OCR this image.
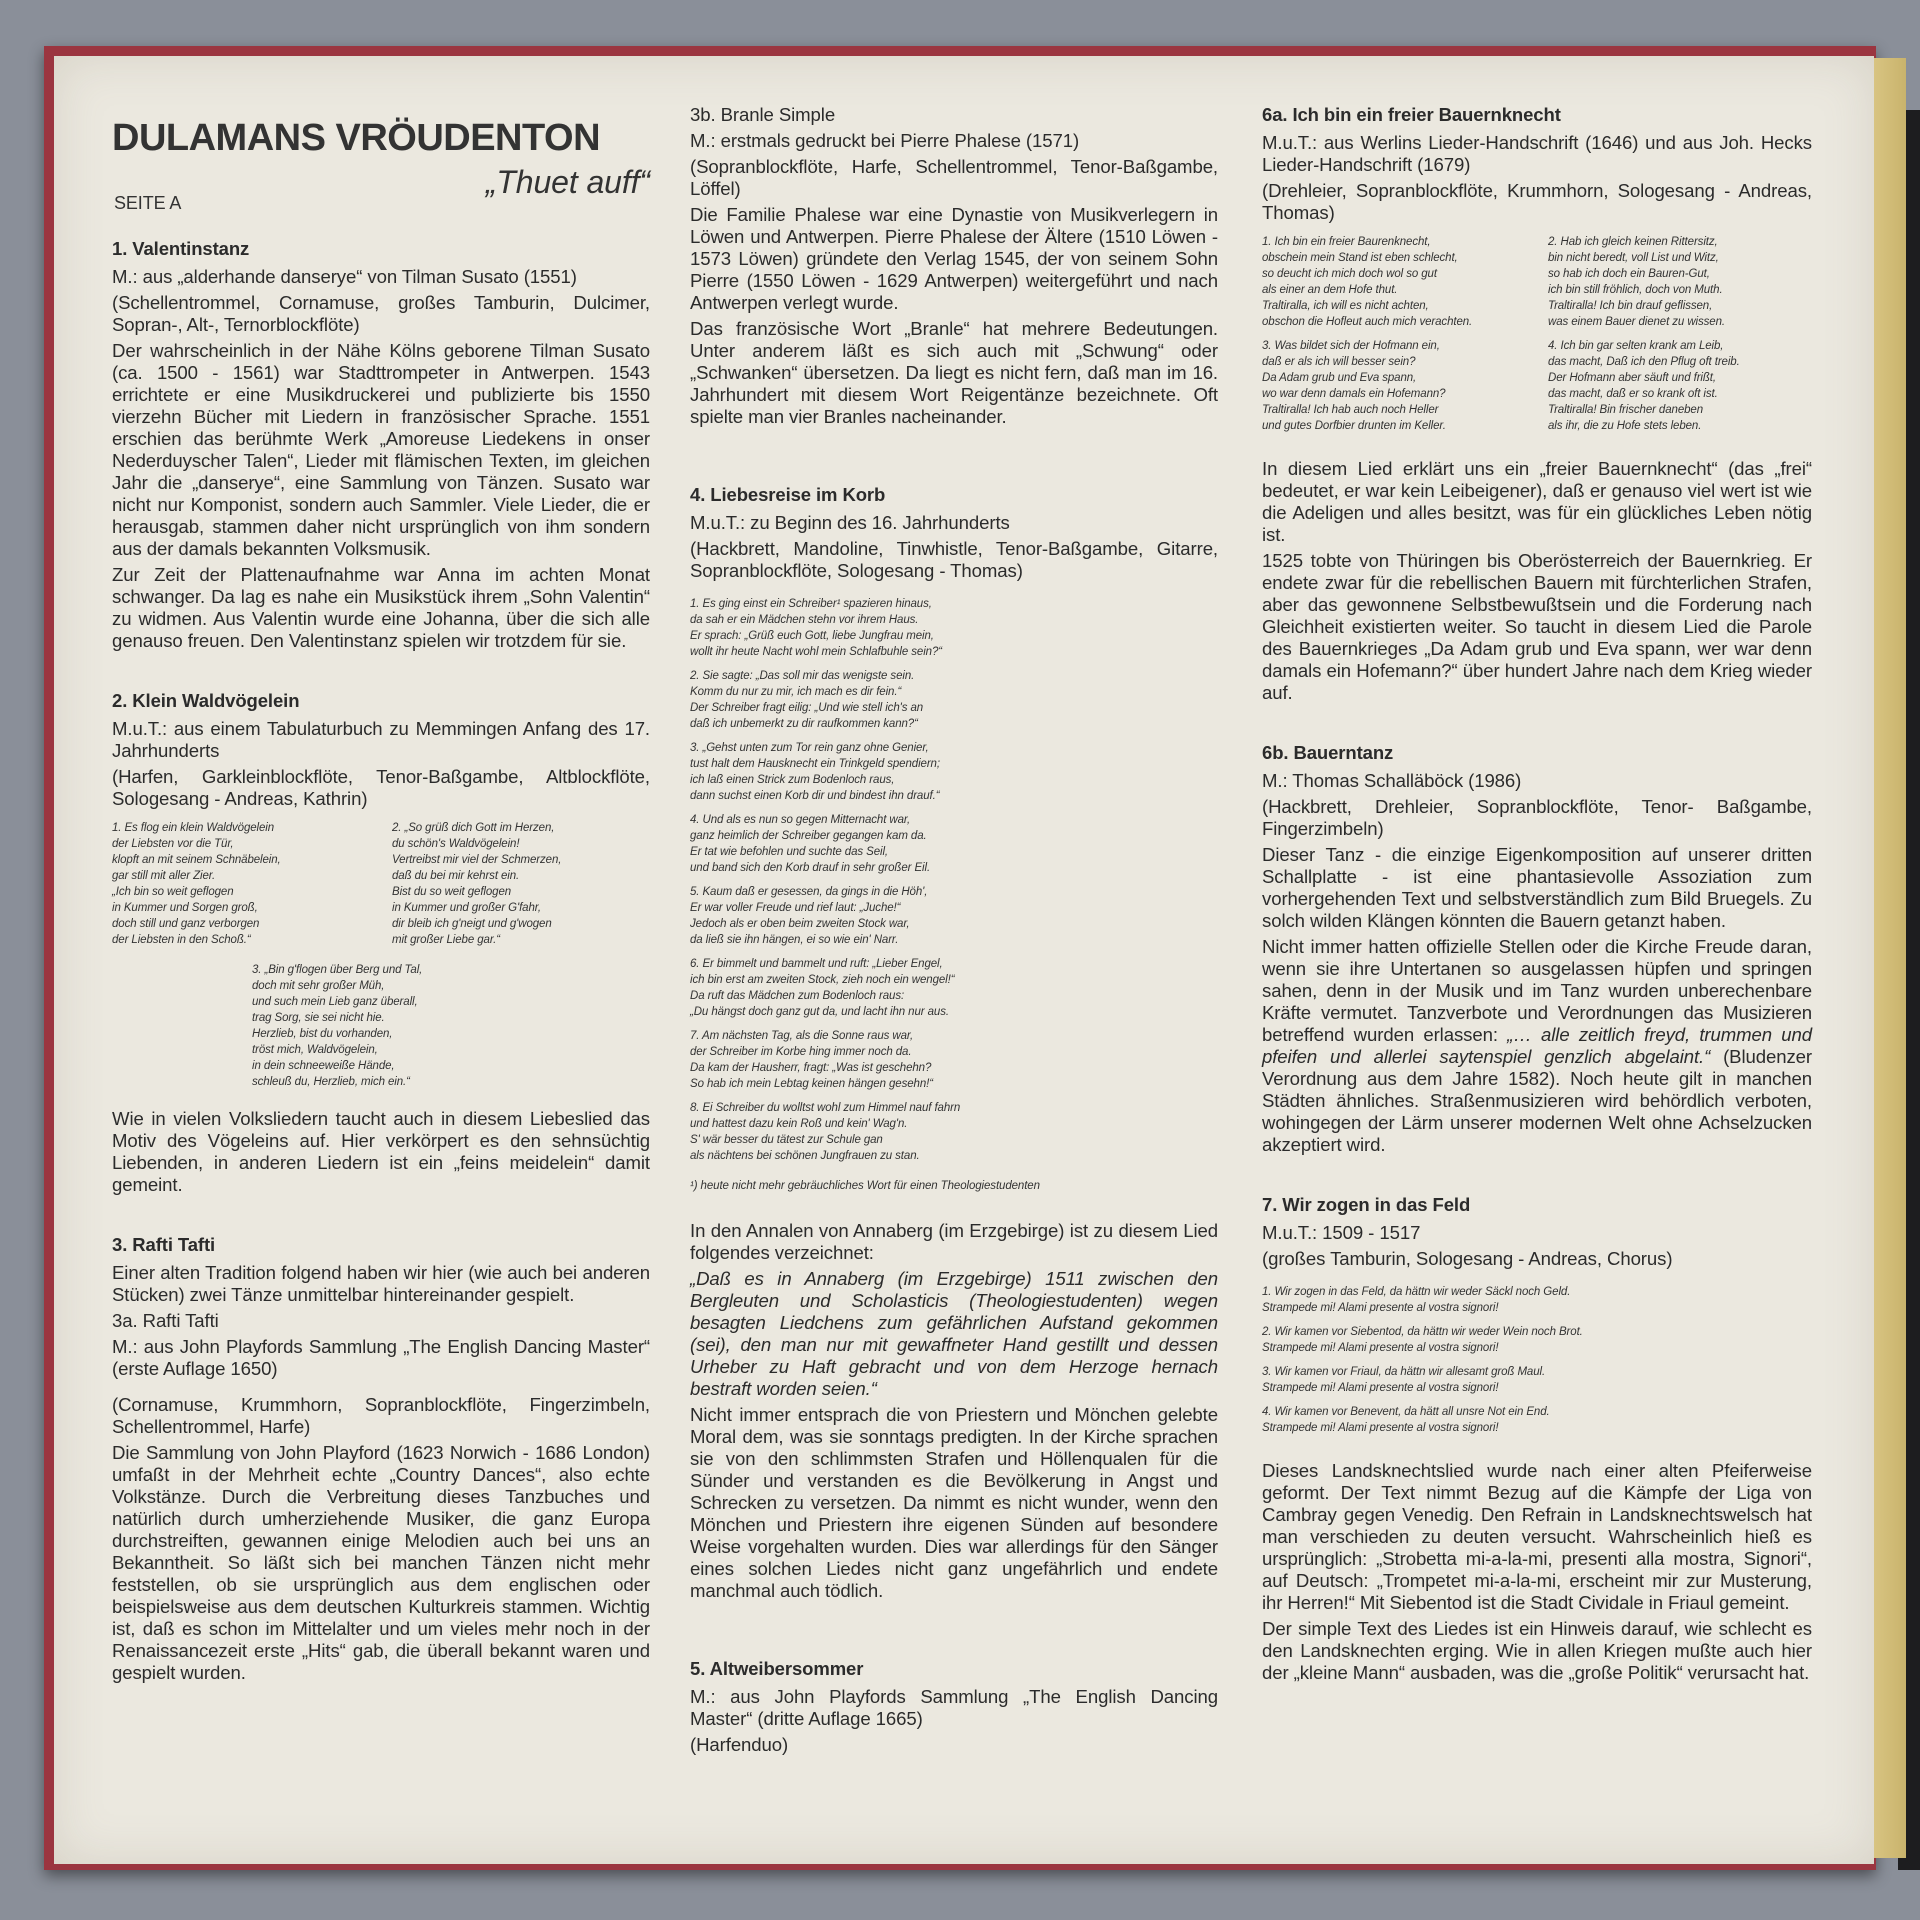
DULAMANS VRÖUDENTON
„Thuet auff“
SEITE A
1. Valentinstanz

M.: aus „alderhande danserye“ von Tilman Susato (1551)

(Schellentrommel, Cornamuse, großes Tamburin, Dulcimer, Sopran-, Alt-, Ternorblockflöte)

Der wahrscheinlich in der Nähe Kölns geborene Tilman Susato (ca. 1500 - 1561) war Stadttrompeter in Antwerpen. 1543 errichtete er eine Musikdruckerei und publizierte bis 1550 vierzehn Bücher mit Liedern in französischer Sprache. 1551 erschien das berühmte Werk „Amoreuse Liedekens in onser Nederduyscher Talen“, Lieder mit flämischen Texten, im gleichen Jahr die „danserye“, eine Sammlung von Tänzen. Susato war nicht nur Komponist, sondern auch Sammler. Viele Lieder, die er herausgab, stammen daher nicht ursprünglich von ihm sondern aus der damals bekannten Volksmusik.

Zur Zeit der Plattenaufnahme war Anna im achten Monat schwanger. Da lag es nahe ein Musikstück ihrem „Sohn Valentin“ zu widmen. Aus Valentin wurde eine Johanna, über die sich alle genauso freuen. Den Valentinstanz spielen wir trotzdem für sie.

2. Klein Waldvögelein

M.u.T.: aus einem Tabulaturbuch zu Memmingen Anfang des 17. Jahrhunderts

(Harfen, Garkleinblockflöte, Tenor-Baßgambe, Altblockflöte, Sologesang - Andreas, Kathrin)

1. Es flog ein klein Waldvögelein
der Liebsten vor die Tür,
klopft an mit seinem Schnäbelein,
gar still mit aller Zier.
„Ich bin so weit geflogen
in Kummer und Sorgen groß,
doch still und ganz verborgen
der Liebsten in den Schoß.“
2. „So grüß dich Gott im Herzen,
du schön's Waldvögelein!
Vertreibst mir viel der Schmerzen,
daß du bei mir kehrst ein.
Bist du so weit geflogen
in Kummer und großer G'fahr,
dir bleib ich g'neigt und g'wogen
mit großer Liebe gar.“
3. „Bin g'flogen über Berg und Tal,
doch mit sehr großer Müh,
und such mein Lieb ganz überall,
trag Sorg, sie sei nicht hie.
Herzlieb, bist du vorhanden,
tröst mich, Waldvögelein,
in dein schneeweiße Hände,
schleuß du, Herzlieb, mich ein.“

Wie in vielen Volksliedern taucht auch in diesem Liebeslied das Motiv des Vögeleins auf. Hier verkörpert es den sehnsüchtig Liebenden, in anderen Liedern ist ein „feins meidelein“ damit gemeint.

3. Rafti Tafti

Einer alten Tradition folgend haben wir hier (wie auch bei anderen Stücken) zwei Tänze unmittelbar hintereinander gespielt.

3a. Rafti Tafti

M.: aus John Playfords Sammlung „The English Dancing Master“ (erste Auflage 1650)

(Cornamuse, Krummhorn, Sopranblockflöte, Fingerzimbeln, Schellentrommel, Harfe)

Die Sammlung von John Playford (1623 Norwich - 1686 London) umfaßt in der Mehrheit echte „Country Dances“, also echte Volkstänze. Durch die Verbreitung dieses Tanzbuches und natürlich durch umherziehende Musiker, die ganz Europa durchstreiften, gewannen einige Melodien auch bei uns an Bekanntheit. So läßt sich bei manchen Tänzen nicht mehr feststellen, ob sie ursprünglich aus dem englischen oder beispielsweise aus dem deutschen Kulturkreis stammen. Wichtig ist, daß es schon im Mittelalter und um vieles mehr noch in der Renaissancezeit erste „Hits“ gab, die überall bekannt waren und gespielt wurden.

3b. Branle Simple

M.: erstmals gedruckt bei Pierre Phalese (1571)

(Sopranblockflöte, Harfe, Schellentrommel, Tenor-Baßgambe, Löffel)

Die Familie Phalese war eine Dynastie von Musikverlegern in Löwen und Antwerpen. Pierre Phalese der Ältere (1510 Löwen - 1573 Löwen) gründete den Verlag 1545, der von seinem Sohn Pierre (1550 Löwen - 1629 Antwerpen) weitergeführt und nach Antwerpen verlegt wurde.

Das französische Wort „Branle“ hat mehrere Bedeutungen. Unter anderem läßt es sich auch mit „Schwung“ oder „Schwanken“ übersetzen. Da liegt es nicht fern, daß man im 16. Jahrhundert mit diesem Wort Reigentänze bezeichnete. Oft spielte man vier Branles nacheinander.

4. Liebesreise im Korb

M.u.T.: zu Beginn des 16. Jahrhunderts

(Hackbrett, Mandoline, Tinwhistle, Tenor-Baßgambe, Gitarre, Sopranblockflöte, Sologesang - Thomas)

1. Es ging einst ein Schreiber¹ spazieren hinaus,
da sah er ein Mädchen stehn vor ihrem Haus.
Er sprach: „Grüß euch Gott, liebe Jungfrau mein,
wollt ihr heute Nacht wohl mein Schlafbuhle sein?“
2. Sie sagte: „Das soll mir das wenigste sein.
Komm du nur zu mir, ich mach es dir fein.“
Der Schreiber fragt eilig: „Und wie stell ich's an
daß ich unbemerkt zu dir raufkommen kann?“
3. „Gehst unten zum Tor rein ganz ohne Genier,
tust halt dem Hausknecht ein Trinkgeld spendiern;
ich laß einen Strick zum Bodenloch raus,
dann suchst einen Korb dir und bindest ihn drauf.“
4. Und als es nun so gegen Mitternacht war,
ganz heimlich der Schreiber gegangen kam da.
Er tat wie befohlen und suchte das Seil,
und band sich den Korb drauf in sehr großer Eil.
5. Kaum daß er gesessen, da gings in die Höh',
Er war voller Freude und rief laut: „Juche!“
Jedoch als er oben beim zweiten Stock war,
da ließ sie ihn hängen, ei so wie ein' Narr.
6. Er bimmelt und bammelt und ruft: „Lieber Engel,
ich bin erst am zweiten Stock, zieh noch ein wengel!“
Da ruft das Mädchen zum Bodenloch raus:
„Du hängst doch ganz gut da, und lacht ihn nur aus.
7. Am nächsten Tag, als die Sonne raus war,
der Schreiber im Korbe hing immer noch da.
Da kam der Hausherr, fragt: „Was ist geschehn?
So hab ich mein Lebtag keinen hängen gesehn!“
8. Ei Schreiber du wolltst wohl zum Himmel nauf fahrn
und hattest dazu kein Roß und kein' Wag'n.
S' wär besser du tätest zur Schule gan
als nächtens bei schönen Jungfrauen zu stan.
¹) heute nicht mehr gebräuchliches Wort für einen Theologiestudenten

In den Annalen von Annaberg (im Erzgebirge) ist zu diesem Lied folgendes verzeichnet:

„Daß es in Annaberg (im Erzgebirge) 1511 zwischen den Bergleuten und Scholasticis (Theologiestudenten) wegen besagten Liedchens zum gefährlichen Aufstand gekommen (sei), den man nur mit gewaffneter Hand gestillt und dessen Urheber zu Haft gebracht und von dem Herzoge hernach bestraft worden seien.“

Nicht immer entsprach die von Priestern und Mönchen gelebte Moral dem, was sie sonntags predigten. In der Kirche sprachen sie von den schlimmsten Strafen und Höllenqualen für die Sünder und verstanden es die Bevölkerung in Angst und Schrecken zu versetzen. Da nimmt es nicht wunder, wenn den Mönchen und Priestern ihre eigenen Sünden auf besondere Weise vorgehalten wurden. Dies war allerdings für den Sänger eines solchen Liedes nicht ganz ungefährlich und endete manchmal auch tödlich.

5. Altweibersommer

M.: aus John Playfords Sammlung „The English Dancing Master“ (dritte Auflage 1665)

(Harfenduo)

6a. Ich bin ein freier Bauernknecht

M.u.T.: aus Werlins Lieder-Handschrift (1646) und aus Joh. Hecks Lieder-Handschrift (1679)

(Drehleier, Sopranblockflöte, Krummhorn, Sologesang - Andreas, Thomas)

1. Ich bin ein freier Baurenknecht,
obschein mein Stand ist eben schlecht,
so deucht ich mich doch wol so gut
als einer an dem Hofe thut.
Traltiralla, ich will es nicht achten,
obschon die Hofleut auch mich verachten.
3. Was bildet sich der Hofmann ein,
daß er als ich will besser sein?
Da Adam grub und Eva spann,
wo war denn damals ein Hofemann?
Traltiralla! Ich hab auch noch Heller
und gutes Dorfbier drunten im Keller.
2. Hab ich gleich keinen Rittersitz,
bin nicht beredt, voll List und Witz,
so hab ich doch ein Bauren-Gut,
ich bin still fröhlich, doch von Muth.
Traltiralla! Ich bin drauf geflissen,
was einem Bauer dienet zu wissen.
4. Ich bin gar selten krank am Leib,
das macht, Daß ich den Pflug oft treib.
Der Hofmann aber säuft und frißt,
das macht, daß er so krank oft ist.
Traltiralla! Bin frischer daneben
als ihr, die zu Hofe stets leben.

In diesem Lied erklärt uns ein „freier Bauernknecht“ (das „frei“ bedeutet, er war kein Leibeigener), daß er genauso viel wert ist wie die Adeligen und alles besitzt, was für ein glückliches Leben nötig ist.

1525 tobte von Thüringen bis Oberösterreich der Bauernkrieg. Er endete zwar für die rebellischen Bauern mit fürchterlichen Strafen, aber das gewonnene Selbstbewußtsein und die Forderung nach Gleichheit existierten weiter. So taucht in diesem Lied die Parole des Bauernkrieges „Da Adam grub und Eva spann, wer war denn damals ein Hofemann?“ über hundert Jahre nach dem Krieg wieder auf.

6b. Bauerntanz

M.: Thomas Schalläböck (1986)

(Hackbrett, Drehleier, Sopranblockflöte, Tenor- Baßgambe, Fingerzimbeln)

Dieser Tanz - die einzige Eigenkomposition auf unserer dritten Schallplatte - ist eine phantasievolle Assoziation zum vorhergehenden Text und selbstverständlich zum Bild Bruegels. Zu solch wilden Klängen könnten die Bauern getanzt haben.

Nicht immer hatten offizielle Stellen oder die Kirche Freude daran, wenn sie ihre Untertanen so ausgelassen hüpfen und springen sahen, denn in der Musik und im Tanz wurden unberechenbare Kräfte vermutet. Tanzverbote und Verordnungen das Musizieren betreffend wurden erlassen: „… alle zeitlich freyd, trummen und pfeifen und allerlei saytenspiel genzlich abgelaint.“ (Bludenzer Verordnung aus dem Jahre 1582). Noch heute gilt in manchen Städten ähnliches. Straßenmusizieren wird behördlich verboten, wohingegen der Lärm unserer modernen Welt ohne Achselzucken akzeptiert wird.

7. Wir zogen in das Feld

M.u.T.: 1509 - 1517

(großes Tamburin, Sologesang - Andreas, Chorus)

1. Wir zogen in das Feld, da hättn wir weder Säckl noch Geld.
Strampede mi! Alami presente al vostra signori!
2. Wir kamen vor Siebentod, da hättn wir weder Wein noch Brot.
Strampede mi! Alami presente al vostra signori!
3. Wir kamen vor Friaul, da hättn wir allesamt groß Maul.
Strampede mi! Alami presente al vostra signori!
4. Wir kamen vor Benevent, da hätt all unsre Not ein End.
Strampede mi! Alami presente al vostra signori!

Dieses Landsknechtslied wurde nach einer alten Pfeiferweise geformt. Der Text nimmt Bezug auf die Kämpfe der Liga von Cambray gegen Venedig. Den Refrain in Landsknechtswelsch hat man verschieden zu deuten versucht. Wahrscheinlich hieß es ursprünglich: „Strobetta mi-a-la-mi, presenti alla mostra, Signori“, auf Deutsch: „Trompetet mi-a-la-mi, erscheint mir zur Musterung, ihr Herren!“ Mit Siebentod ist die Stadt Cividale in Friaul gemeint.

Der simple Text des Liedes ist ein Hinweis darauf, wie schlecht es den Landsknechten erging. Wie in allen Kriegen mußte auch hier der „kleine Mann“ ausbaden, was die „große Politik“ verursacht hat.
